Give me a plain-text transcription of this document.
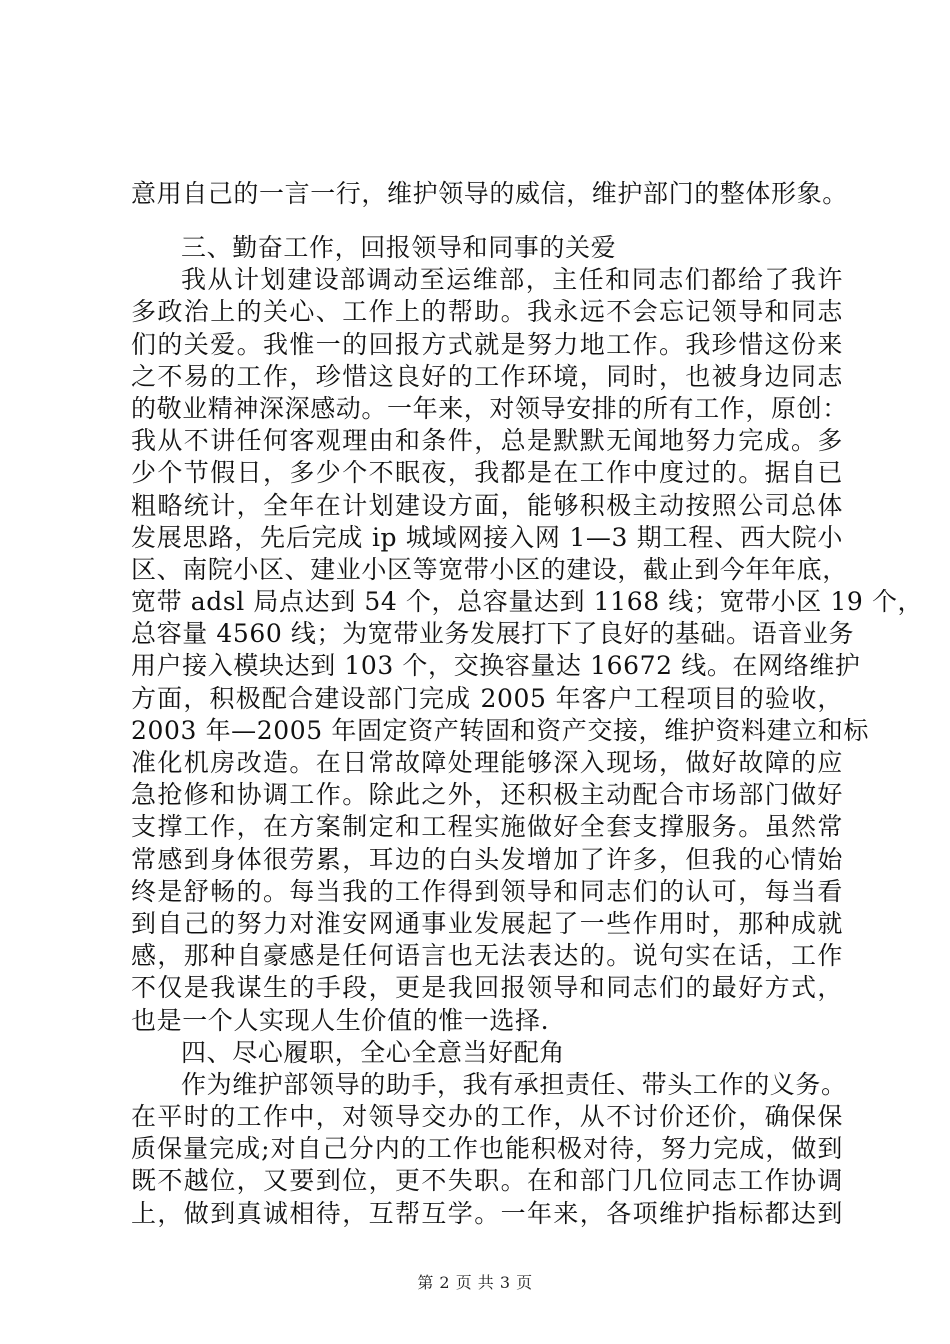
意用自己的一言一行，维护领导的威信，维护部门的整体形象。
三、勤奋工作，回报领导和同事的关爱
我从计划建设部调动至运维部，主任和同志们都给了我许
多政治上的关心、工作上的帮助。我永远不会忘记领导和同志
们的关爱。我惟一的回报方式就是努力地工作。我珍惜这份来
之不易的工作，珍惜这良好的工作环境，同时，也被身边同志
的敬业精神深深感动。一年来，对领导安排的所有工作，原创：
我从不讲任何客观理由和条件，总是默默无闻地努力完成。多
少个节假日，多少个不眠夜，我都是在工作中度过的。据自已
粗略统计，全年在计划建设方面，能够积极主动按照公司总体
发展思路，先后完成 ip 城域网接入网 1—3 期工程、西大院小
区、南院小区、建业小区等宽带小区的建设，截止到今年年底，
宽带 adsl 局点达到 54 个，总容量达到 1168 线；宽带小区 19 个，
总容量 4560 线；为宽带业务发展打下了良好的基础。语音业务
用户接入模块达到 103 个，交换容量达 16672 线。在网络维护
方面，积极配合建设部门完成 2005 年客户工程项目的验收，
2003 年—2005 年固定资产转固和资产交接，维护资料建立和标
准化机房改造。在日常故障处理能够深入现场，做好故障的应
急抢修和协调工作。除此之外，还积极主动配合市场部门做好
支撑工作，在方案制定和工程实施做好全套支撑服务。虽然常
常感到身体很劳累，耳边的白头发增加了许多，但我的心情始
终是舒畅的。每当我的工作得到领导和同志们的认可，每当看
到自己的努力对淮安网通事业发展起了一些作用时，那种成就
感，那种自豪感是任何语言也无法表达的。说句实在话，工作
不仅是我谋生的手段，更是我回报领导和同志们的最好方式，
也是一个人实现人生价值的惟一选择.
四、尽心履职，全心全意当好配角
作为维护部领导的助手，我有承担责任、带头工作的义务。
在平时的工作中，对领导交办的工作，从不讨价还价，确保保
质保量完成;对自己分内的工作也能积极对待，努力完成，做到
既不越位，又要到位，更不失职。在和部门几位同志工作协调
上，做到真诚相待，互帮互学。一年来，各项维护指标都达到
第 2 页 共 3 页
